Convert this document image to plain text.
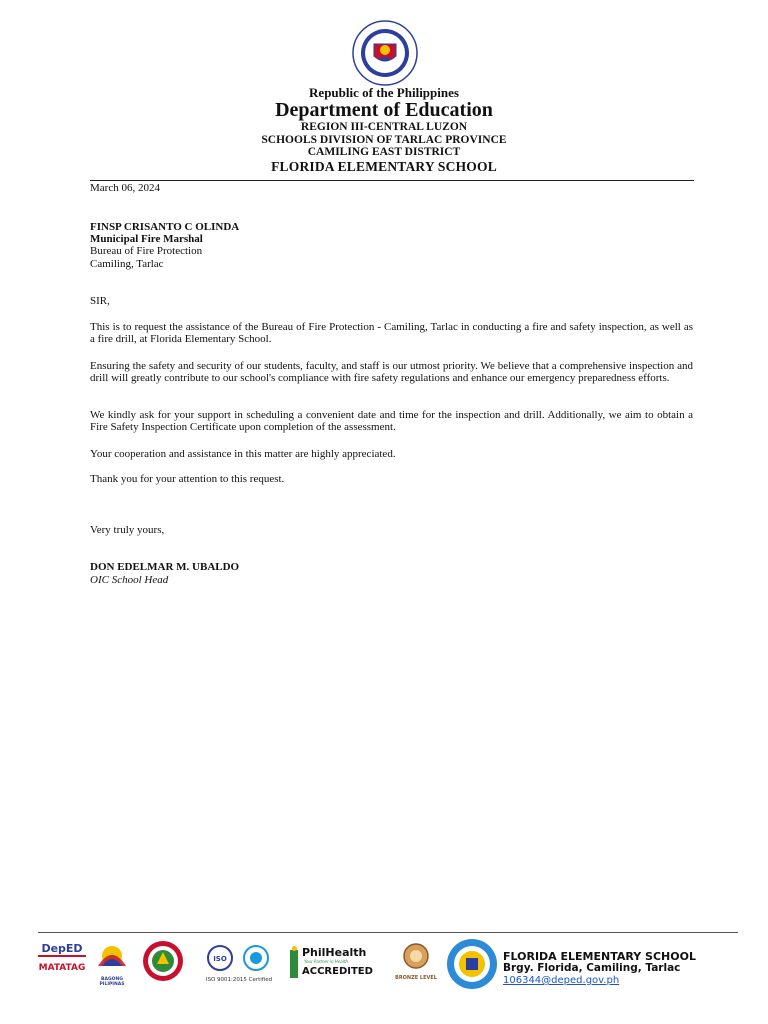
Republic of the Philippines
Department of Education
REGION III-CENTRAL LUZON
SCHOOLS DIVISION OF TARLAC PROVINCE
CAMILING EAST DISTRICT
FLORIDA ELEMENTARY SCHOOL
March 06, 2024
FINSP CRISANTO C OLINDA
Municipal Fire Marshal
Bureau of Fire Protection
Camiling, Tarlac
SIR,
This is to request the assistance of the Bureau of Fire Protection - Camiling, Tarlac in conducting a fire and safety inspection, as well as a fire drill, at Florida Elementary School.
Ensuring the safety and security of our students, faculty, and staff is our utmost priority. We believe that a comprehensive inspection and drill will greatly contribute to our school's compliance with fire safety regulations and enhance our emergency preparedness efforts.
We kindly ask for your support in scheduling a convenient date and time for the inspection and drill. Additionally, we aim to obtain a Fire Safety Inspection Certificate upon completion of the assessment.
Your cooperation and assistance in this matter are highly appreciated.
Thank you for your attention to this request.
Very truly yours,
DON EDELMAR M. UBALDO
OIC School Head
DepED
MATATAG
BAGONG PILIPINAS
ISO
ISO 9001:2015 Certified
PhilHealth
Your Partner in Health
ACCREDITED
BRONZE LEVEL
FLORIDA ELEMENTARY SCHOOL
Brgy. Florida, Camiling, Tarlac
106344@deped.gov.ph
